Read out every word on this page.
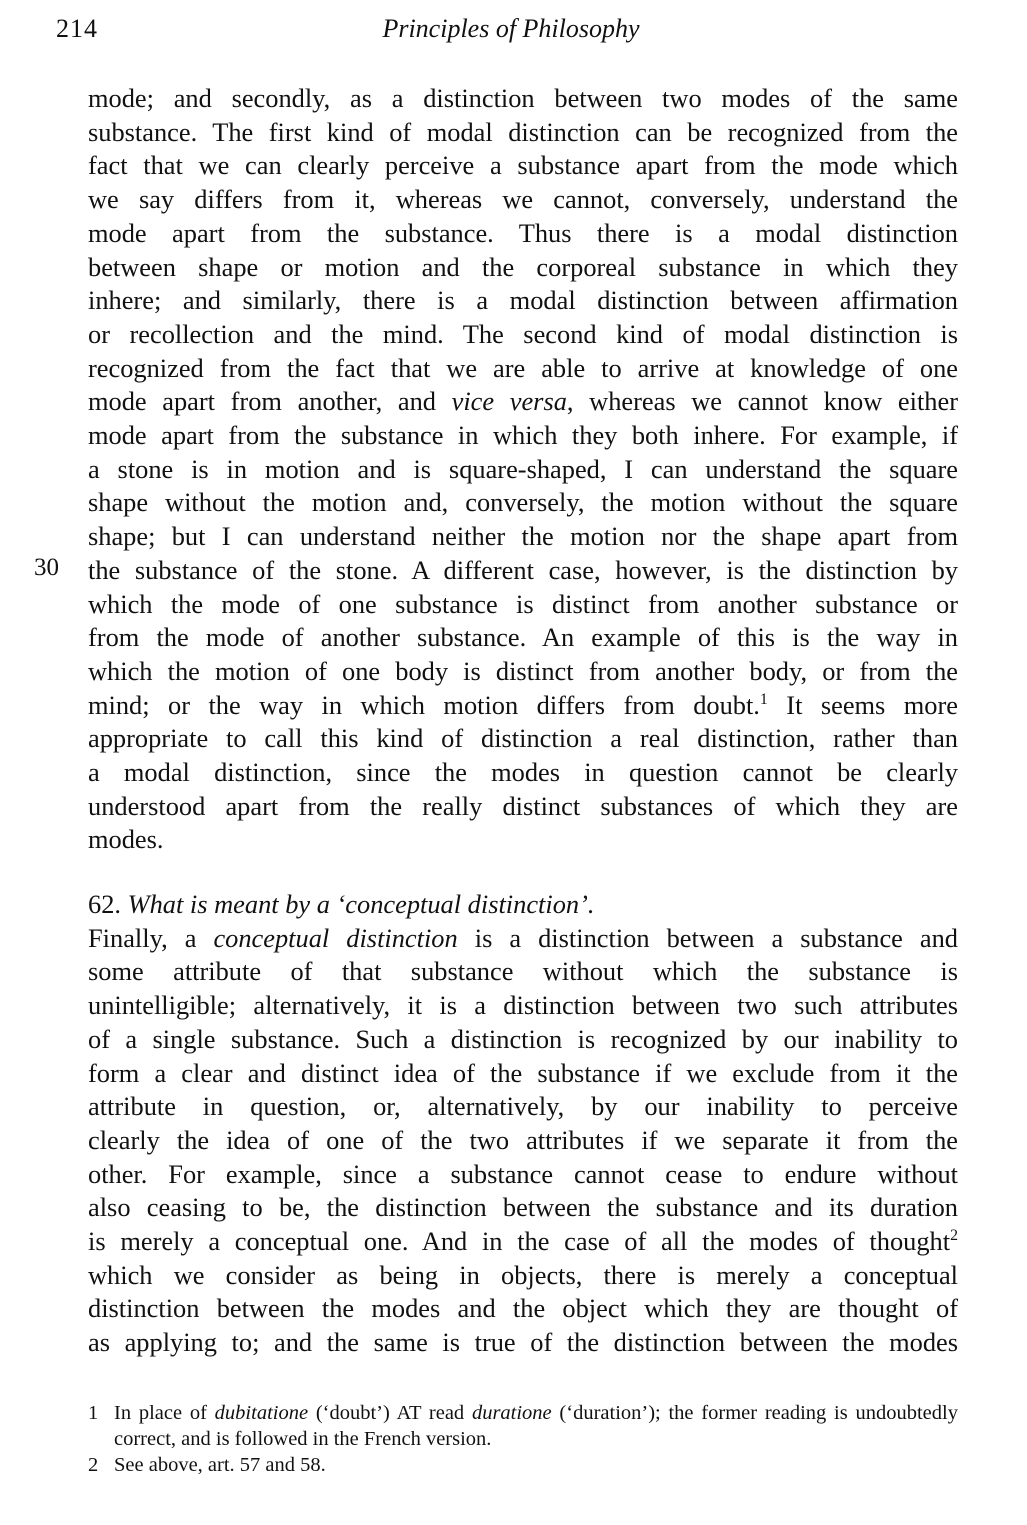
214	Principles of Philosophy
30
mode; and secondly, as a distinction between two modes of the same
substance. The first kind of modal distinction can be recognized from the
fact that we can clearly perceive a substance apart from the mode which
we say differs from it, whereas we cannot, conversely, understand the
mode apart from the substance. Thus there is a modal distinction
between shape or motion and the corporeal substance in which they
inhere; and similarly, there is a modal distinction between affirmation
or recollection and the mind. The second kind of modal distinction is
recognized from the fact that we are able to arrive at knowledge of one
mode apart from another, and vice versa, whereas we cannot know either
mode apart from the substance in which they both inhere. For example, if
a stone is in motion and is square-shaped, I can understand the square
shape without the motion and, conversely, the motion without the square
shape; but I can understand neither the motion nor the shape apart from
the substance of the stone. A different case, however, is the distinction by
which the mode of one substance is distinct from another substance or
from the mode of another substance. An example of this is the way in
which the motion of one body is distinct from another body, or from the
mind; or the way in which motion differs from doubt.$^1$ It seems more
appropriate to call this kind of distinction a real distinction, rather than
a modal distinction, since the modes in question cannot be clearly
understood apart from the really distinct substances of which they are
modes.
62. What is meant by a ‘conceptual distinction’.
Finally, a conceptual distinction is a distinction between a substance and
some attribute of that substance without which the substance is
unintelligible; alternatively, it is a distinction between two such attributes
of a single substance. Such a distinction is recognized by our inability to
form a clear and distinct idea of the substance if we exclude from it the
attribute in question, or, alternatively, by our inability to perceive
clearly the idea of one of the two attributes if we separate it from the
other. For example, since a substance cannot cease to endure without
also ceasing to be, the distinction between the substance and its duration
is merely a conceptual one. And in the case of all the modes of thought$^2$
which we consider as being in objects, there is merely a conceptual
distinction between the modes and the object which they are thought of
as applying to; and the same is true of the distinction between the modes
1 In place of dubitatione (‘doubt’) AT read duratione (‘duration’); the former reading is undoubtedly correct, and is followed in the French version.
2 See above, art. 57 and 58.
